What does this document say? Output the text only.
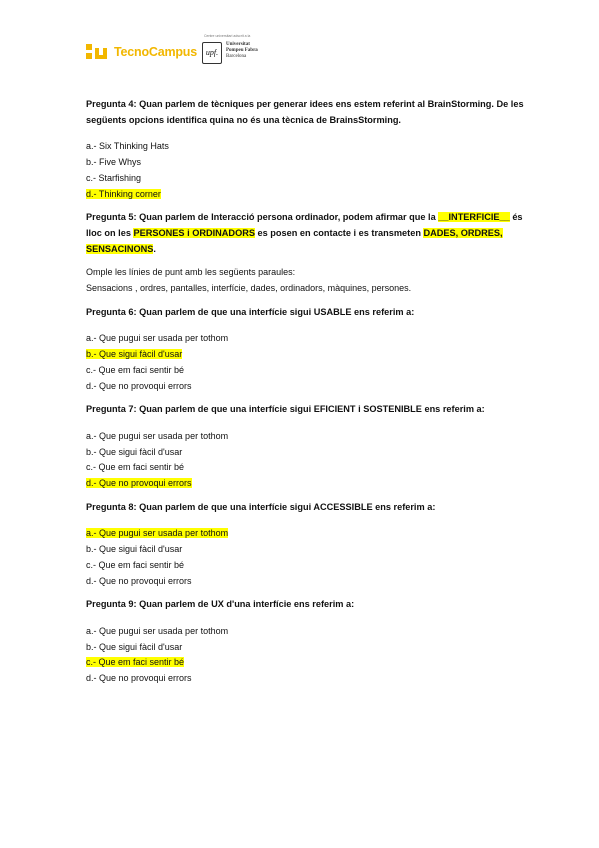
TecnoCampus
Centre universitari adscrit a la
upf.
Universitat
Pompeu Fabra
Barcelona

Pregunta 4: Quan parlem de tècniques per generar idees ens estem referint al BrainStorming. De les següents opcions identifica quina no és una tècnica de BrainsStorming.

a.- Six Thinking Hats

b.- Five Whys

c.- Starfishing

d.- Thinking corner

Pregunta 5: Quan parlem de Interacció persona ordinador, podem afirmar que la __INTERFICIE__ és lloc on les PERSONES i ORDINADORS es posen en contacte i es transmeten DADES, ORDRES, SENSACINONS.

Omple les línies de punt amb les següents paraules:

Sensacions , ordres, pantalles, interfície, dades, ordinadors, màquines, persones.

Pregunta 6: Quan parlem de que una interfície sigui USABLE ens referim a:

a.- Que pugui ser usada per tothom

b.- Que sigui fàcil d'usar

c.- Que em faci sentir bé

d.- Que no provoqui errors

Pregunta 7: Quan parlem de que una interfície sigui EFICIENT i SOSTENIBLE ens referim a:

a.- Que pugui ser usada per tothom

b.- Que sigui fàcil d'usar

c.- Que em faci sentir bé

d.- Que no provoqui errors

Pregunta 8: Quan parlem de que una interfície sigui ACCESSIBLE ens referim a:

a.- Que pugui ser usada per tothom

b.- Que sigui fàcil d'usar

c.- Que em faci sentir bé

d.- Que no provoqui errors

Pregunta 9: Quan parlem de UX d'una interfície ens referim a:

a.- Que pugui ser usada per tothom

b.- Que sigui fàcil d'usar

c.- Que em faci sentir bé

d.- Que no provoqui errors
